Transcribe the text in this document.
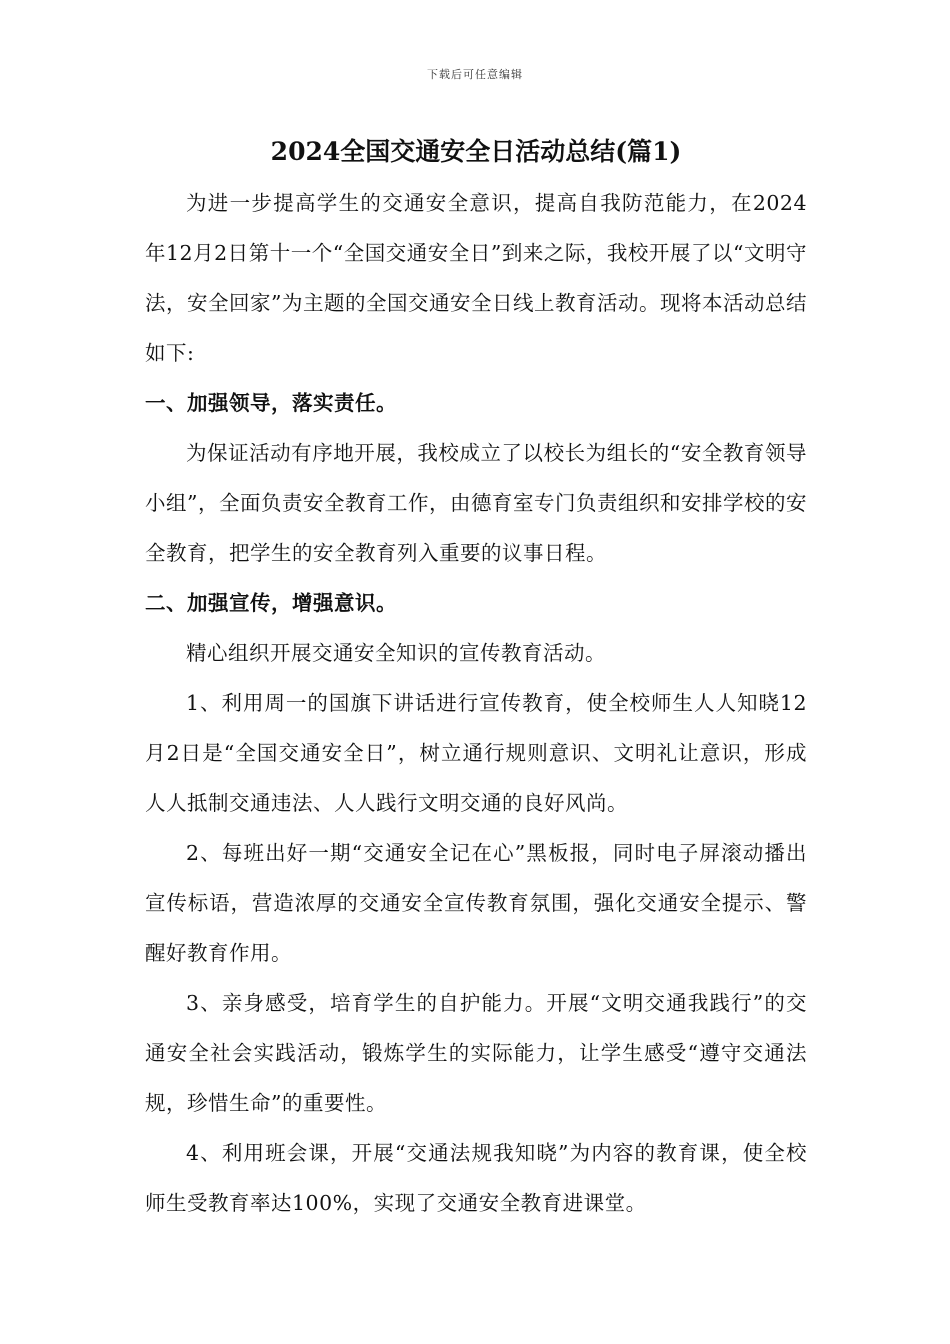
下载后可任意编辑
2024全国交通安全日活动总结(篇1)

为进一步提高学生的交通安全意识，提高自我防范能力，在2024年12月2日第十一个“全国交通安全日”到来之际，我校开展了以“文明守法，安全回家”为主题的全国交通安全日线上教育活动。现将本活动总结如下:

一、加强领导，落实责任。

为保证活动有序地开展，我校成立了以校长为组长的“安全教育领导小组”，全面负责安全教育工作，由德育室专门负责组织和安排学校的安全教育，把学生的安全教育列入重要的议事日程。

二、加强宣传，增强意识。

精心组织开展交通安全知识的宣传教育活动。

1、利用周一的国旗下讲话进行宣传教育，使全校师生人人知晓12月2日是“全国交通安全日”，树立通行规则意识、文明礼让意识，形成人人抵制交通违法、人人践行文明交通的良好风尚。

2、每班出好一期“交通安全记在心”黑板报，同时电子屏滚动播出宣传标语，营造浓厚的交通安全宣传教育氛围，强化交通安全提示、警醒好教育作用。

3、亲身感受，培育学生的自护能力。开展“文明交通我践行”的交通安全社会实践活动，锻炼学生的实际能力，让学生感受“遵守交通法规，珍惜生命”的重要性。

4、利用班会课，开展“交通法规我知晓”为内容的教育课，使全校师生受教育率达100%，实现了交通安全教育进课堂。
